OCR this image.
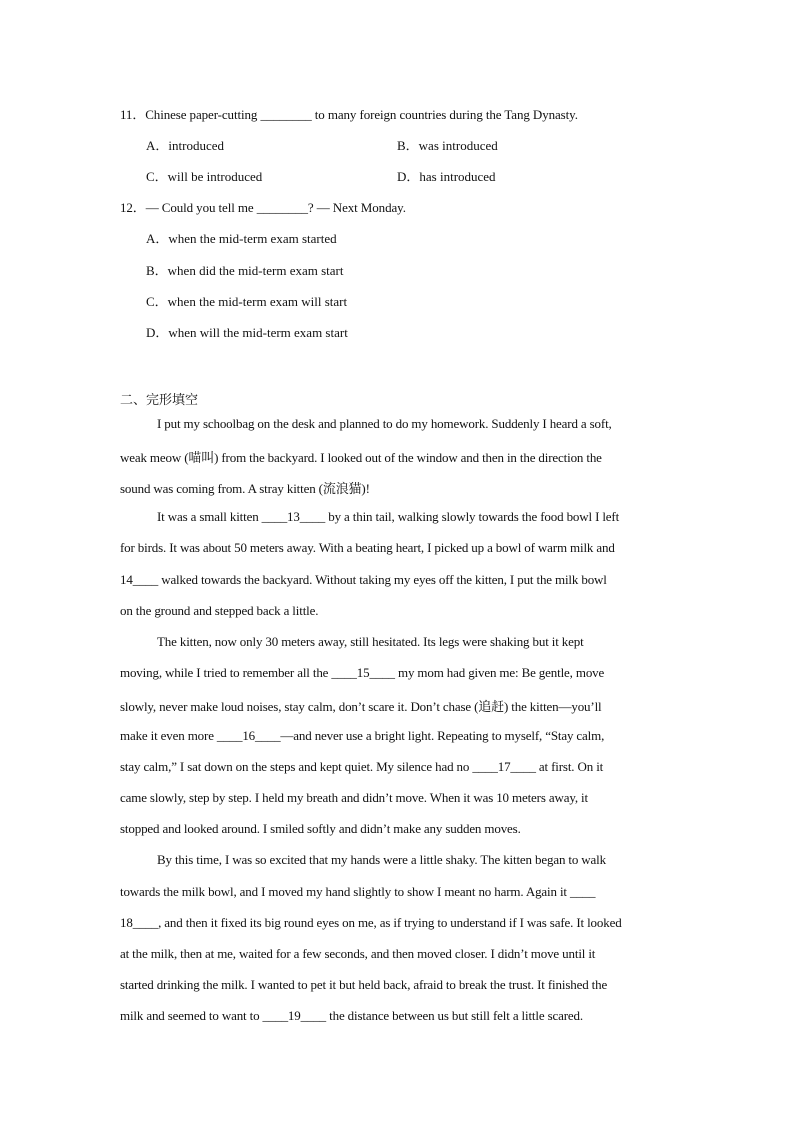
11．Chinese paper-cutting ________ to many foreign countries during the Tang Dynasty.
A．introduced	B．was introduced
C．will be introduced	D．has introduced
12．— Could you tell me ________? — Next Monday.
A．when the mid-term exam started
B．when did the mid-term exam start
C．when the mid-term exam will start
D．when will the mid-term exam start
二、完形填空
I put my schoolbag on the desk and planned to do my homework. Suddenly I heard a soft,
weak meow (喵叫) from the backyard. I looked out of the window and then in the direction the
sound was coming from. A stray kitten (流浪猫)!
It was a small kitten ____13____ by a thin tail, walking slowly towards the food bowl I left
for birds. It was about 50 meters away. With a beating heart, I picked up a bowl of warm milk and
14____ walked towards the backyard. Without taking my eyes off the kitten, I put the milk bowl
on the ground and stepped back a little.
The kitten, now only 30 meters away, still hesitated. Its legs were shaking but it kept
moving, while I tried to remember all the ____15____ my mom had given me: Be gentle, move
slowly, never make loud noises, stay calm, don’t scare it. Don’t chase (追赶) the kitten—you’ll
make it even more ____16____—and never use a bright light. Repeating to myself, “Stay calm,
stay calm,” I sat down on the steps and kept quiet. My silence had no ____17____ at first. On it
came slowly, step by step. I held my breath and didn’t move. When it was 10 meters away, it
stopped and looked around. I smiled softly and didn’t make any sudden moves.
By this time, I was so excited that my hands were a little shaky. The kitten began to walk
towards the milk bowl, and I moved my hand slightly to show I meant no harm. Again it ____
18____, and then it fixed its big round eyes on me, as if trying to understand if I was safe. It looked
at the milk, then at me, waited for a few seconds, and then moved closer. I didn’t move until it
started drinking the milk. I wanted to pet it but held back, afraid to break the trust. It finished the
milk and seemed to want to ____19____ the distance between us but still felt a little scared.
